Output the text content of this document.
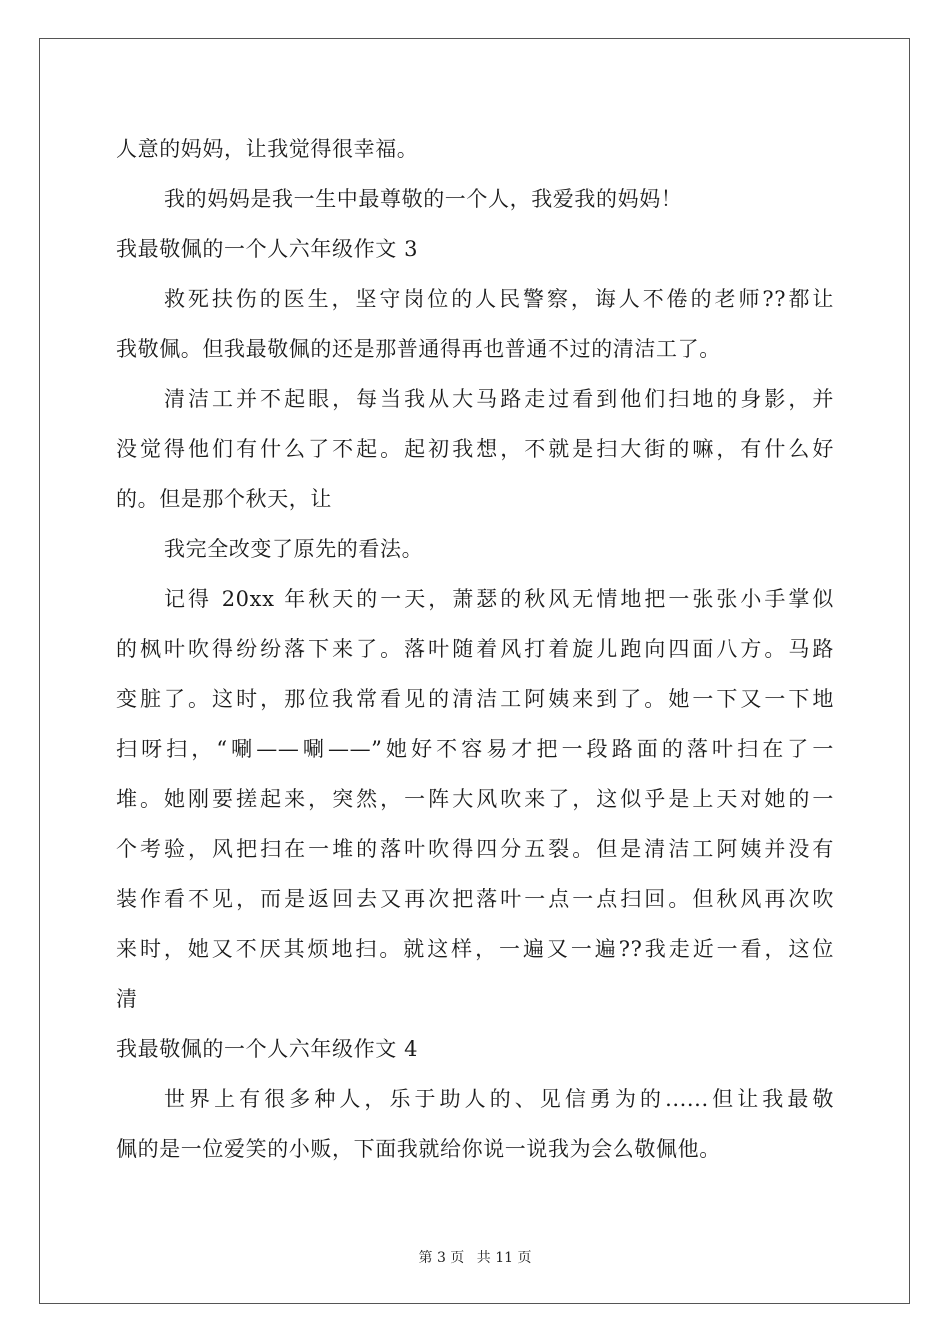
人意的妈妈，让我觉得很幸福。
我的妈妈是我一生中最尊敬的一个人，我爱我的妈妈！
我最敬佩的一个人六年级作文 3
救死扶伤的医生，坚守岗位的人民警察，诲人不倦的老师??都让
我敬佩。但我最敬佩的还是那普通得再也普通不过的清洁工了。
清洁工并不起眼，每当我从大马路走过看到他们扫地的身影，并
没觉得他们有什么了不起。起初我想，不就是扫大街的嘛，有什么好
的。但是那个秋天，让
我完全改变了原先的看法。
记得 20xx 年秋天的一天，萧瑟的秋风无情地把一张张小手掌似
的枫叶吹得纷纷落下来了。落叶随着风打着旋儿跑向四面八方。马路
变脏了。这时，那位我常看见的清洁工阿姨来到了。她一下又一下地
扫呀扫，“唰——唰——”她好不容易才把一段路面的落叶扫在了一
堆。她刚要搓起来，突然，一阵大风吹来了，这似乎是上天对她的一
个考验，风把扫在一堆的落叶吹得四分五裂。但是清洁工阿姨并没有
装作看不见，而是返回去又再次把落叶一点一点扫回。但秋风再次吹
来时，她又不厌其烦地扫。就这样，一遍又一遍??我走近一看，这位
清
我最敬佩的一个人六年级作文 4
世界上有很多种人，乐于助人的、见信勇为的......但让我最敬
佩的是一位爱笑的小贩，下面我就给你说一说我为会么敬佩他。
第 3 页 共 11 页
